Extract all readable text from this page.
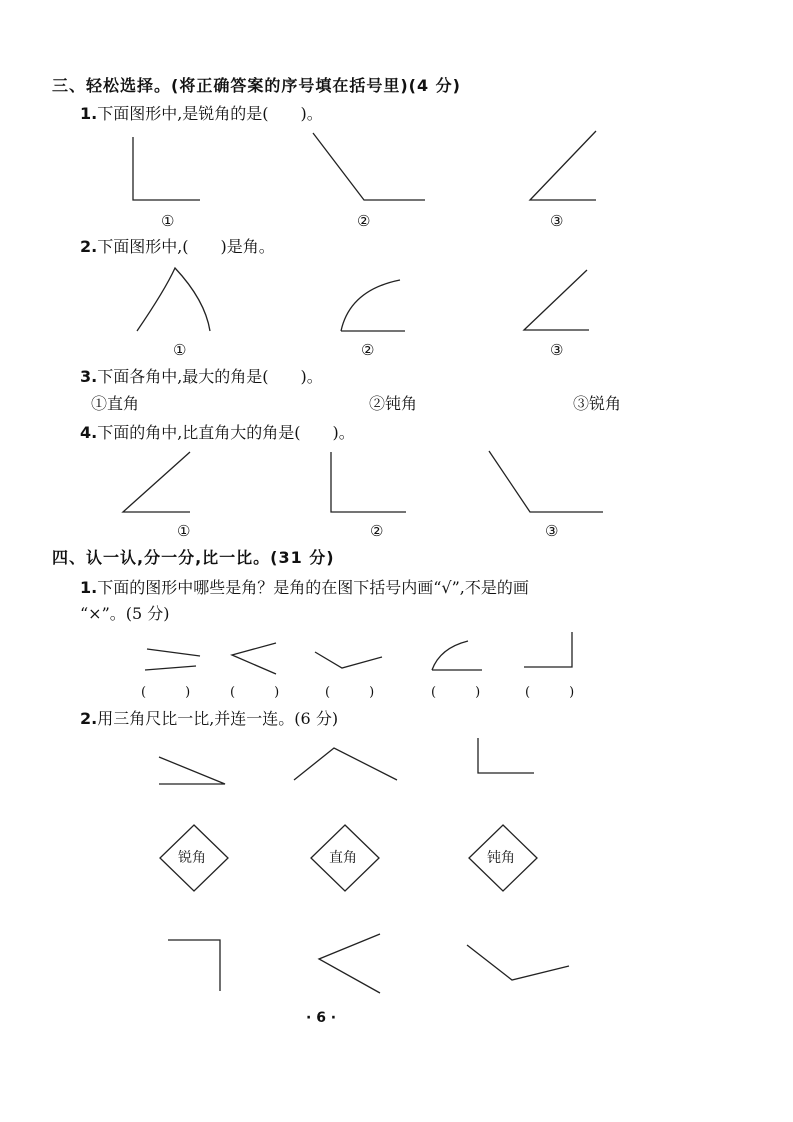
锐角	直角	钝角
三、轻松选择。(将正确答案的序号填在括号里)(4 分)
1.下面图形中,是锐角的是(　　)。
①	②	③
2.下面图形中,(　　)是角。
①	②	③
3.下面各角中,最大的角是(　　)。
①直角	②钝角	③锐角
4.下面的角中,比直角大的角是(　　)。
①	②	③
四、认一认,分一分,比一比。(31 分)
1.下面的图形中哪些是角？是角的在图下括号内画“√”,不是的画
“×”。(5 分)
(　　　)	(　　　)	(　　　)	(　　　)	(　　　)
2.用三角尺比一比,并连一连。(6 分)
· 6 ·
